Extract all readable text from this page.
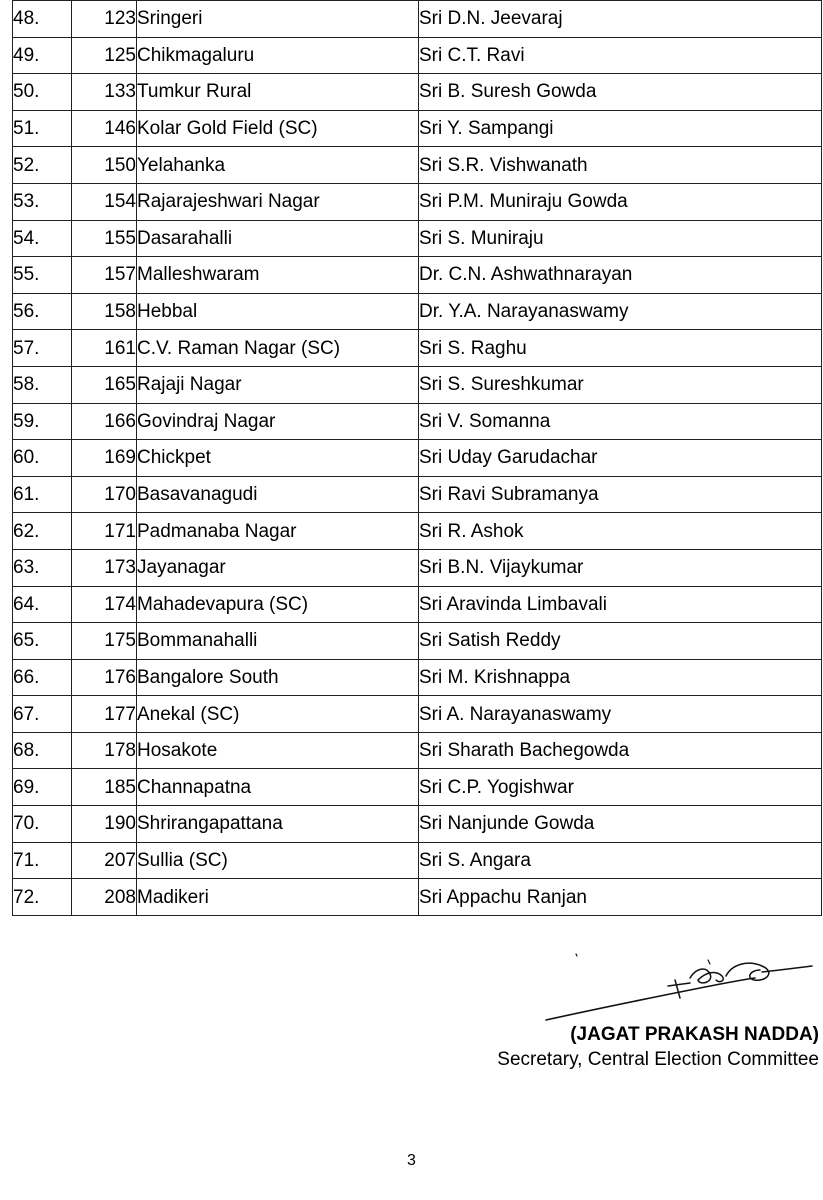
48.	123	Sringeri	Sri D.N. Jeevaraj
49.	125	Chikmagaluru	Sri C.T. Ravi
50.	133	Tumkur Rural	Sri B. Suresh Gowda
51.	146	Kolar Gold Field (SC)	Sri Y. Sampangi
52.	150	Yelahanka	Sri S.R. Vishwanath
53.	154	Rajarajeshwari Nagar	Sri P.M. Muniraju Gowda
54.	155	Dasarahalli	Sri S. Muniraju
55.	157	Malleshwaram	Dr. C.N. Ashwathnarayan
56.	158	Hebbal	Dr. Y.A. Narayanaswamy
57.	161	C.V. Raman Nagar (SC)	Sri S. Raghu
58.	165	Rajaji Nagar	Sri S. Sureshkumar
59.	166	Govindraj Nagar	Sri V. Somanna
60.	169	Chickpet	Sri Uday Garudachar
61.	170	Basavanagudi	Sri Ravi Subramanya
62.	171	Padmanaba Nagar	Sri R. Ashok
63.	173	Jayanagar	Sri B.N. Vijaykumar
64.	174	Mahadevapura (SC)	Sri Aravinda Limbavali
65.	175	Bommanahalli	Sri Satish Reddy
66.	176	Bangalore South	Sri M. Krishnappa
67.	177	Anekal (SC)	Sri A. Narayanaswamy
68.	178	Hosakote	Sri Sharath Bachegowda
69.	185	Channapatna	Sri C.P. Yogishwar
70.	190	Shrirangapattana	Sri Nanjunde Gowda
71.	207	Sullia (SC)	Sri S. Angara
72.	208	Madikeri	Sri Appachu Ranjan
(JAGAT PRAKASH NADDA)
Secretary, Central Election Committee
3
